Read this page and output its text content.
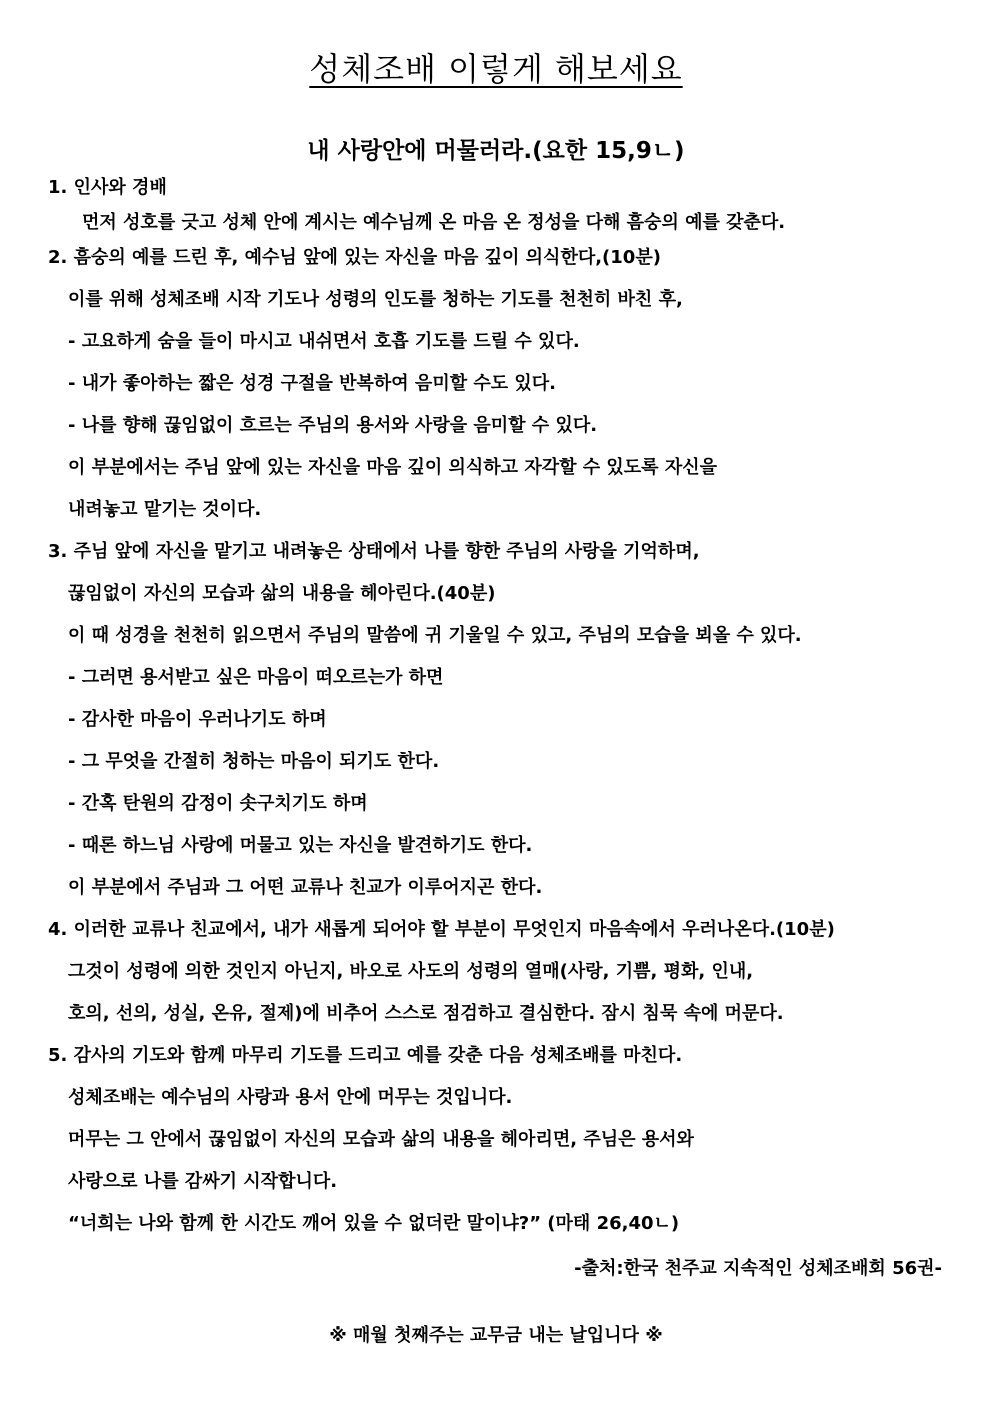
성체조배 이렇게 해보세요
내 사랑안에 머물러라.(요한 15,9ㄴ)
1. 인사와 경배
먼저 성호를 긋고 성체 안에 계시는 예수님께 온 마음 온 정성을 다해 흠숭의 예를 갖춘다.
2. 흠숭의 예를 드린 후, 예수님 앞에 있는 자신을 마음 깊이 의식한다,(10분)
이를 위해 성체조배 시작 기도나 성령의 인도를 청하는 기도를 천천히 바친 후,
- 고요하게 숨을 들이 마시고 내쉬면서 호흡 기도를 드릴 수 있다.
- 내가 좋아하는 짧은 성경 구절을 반복하여 음미할 수도 있다.
- 나를 향해 끊임없이 흐르는 주님의 용서와 사랑을 음미할 수 있다.
이 부분에서는 주님 앞에 있는 자신을 마음 깊이 의식하고 자각할 수 있도록 자신을
내려놓고 맡기는 것이다.
3. 주님 앞에 자신을 맡기고 내려놓은 상태에서 나를 향한 주님의 사랑을 기억하며,
끊임없이 자신의 모습과 삶의 내용을 헤아린다.(40분)
이 때 성경을 천천히 읽으면서 주님의 말씀에 귀 기울일 수 있고, 주님의 모습을 뵈올 수 있다.
- 그러면 용서받고 싶은 마음이 떠오르는가 하면
- 감사한 마음이 우러나기도 하며
- 그 무엇을 간절히 청하는 마음이 되기도 한다.
- 간혹 탄원의 감정이 솟구치기도 하며
- 때론 하느님 사랑에 머물고 있는 자신을 발견하기도 한다.
이 부분에서 주님과 그 어떤 교류나 친교가 이루어지곤 한다.
4. 이러한 교류나 친교에서, 내가 새롭게 되어야 할 부분이 무엇인지 마음속에서 우러나온다.(10분)
그것이 성령에 의한 것인지 아닌지, 바오로 사도의 성령의 열매(사랑, 기쁨, 평화, 인내,
호의, 선의, 성실, 온유, 절제)에 비추어 스스로 점검하고 결심한다. 잠시 침묵 속에 머문다.
5. 감사의 기도와 함께 마무리 기도를 드리고 예를 갖춘 다음 성체조배를 마친다.
성체조배는 예수님의 사랑과 용서 안에 머무는 것입니다.
머무는 그 안에서 끊임없이 자신의 모습과 삶의 내용을 헤아리면, 주님은 용서와
사랑으로 나를 감싸기 시작합니다.
“너희는 나와 함께 한 시간도 깨어 있을 수 없더란 말이냐?” (마태 26,40ㄴ)
-출처:한국 천주교 지속적인 성체조배회 56권-
※ 매월 첫째주는 교무금 내는 날입니다 ※
